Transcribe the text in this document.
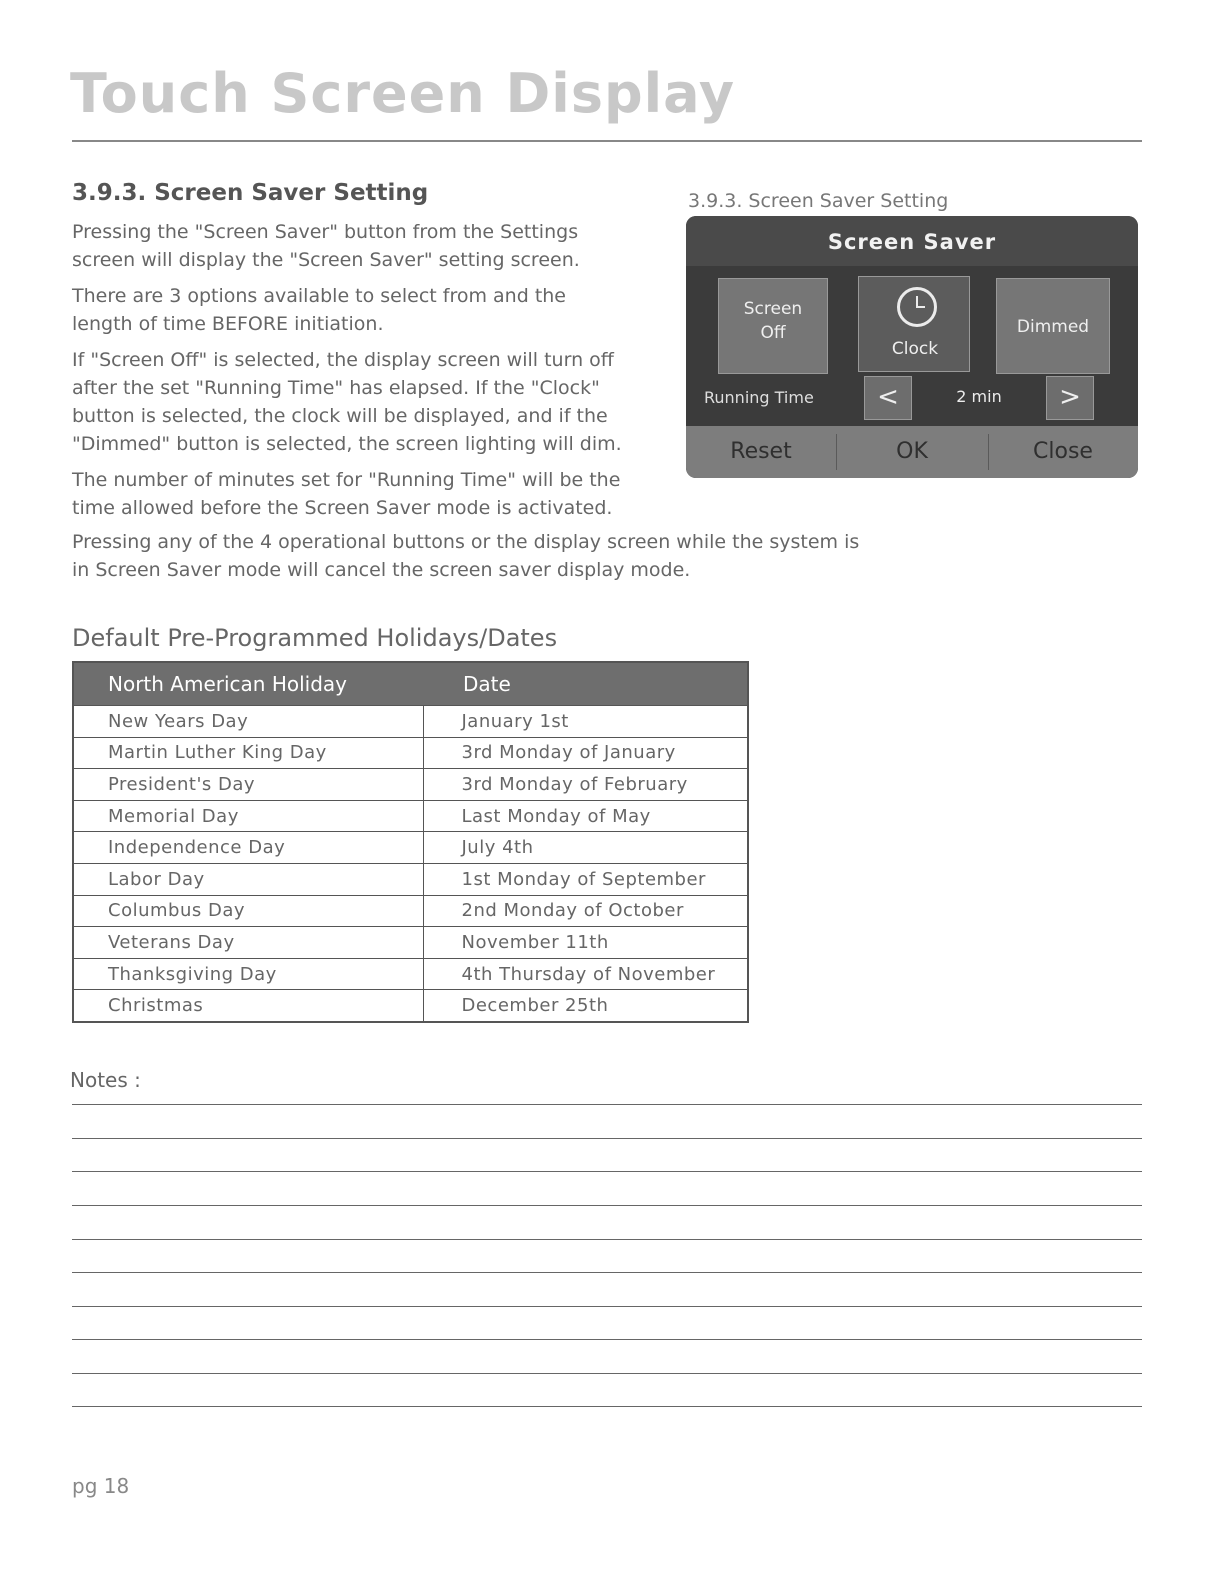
Touch Screen Display
3.9.3. Screen Saver Setting
Pressing the "Screen Saver" button from the Settings screen will display the "Screen Saver" setting screen.
There are 3 options available to select from and the length of time BEFORE initiation.
If "Screen Off" is selected, the display screen will turn off after the set "Running Time" has elapsed. If the "Clock" button is selected, the clock will be displayed, and if the "Dimmed" button is selected, the screen lighting will dim.
The number of minutes set for "Running Time" will be the time allowed before the Screen Saver mode is activated.
Pressing any of the 4 operational buttons or the display screen while the system is in Screen Saver mode will cancel the screen saver display mode.
3.9.3. Screen Saver Setting
Screen Saver
Screen
Off
Clock
Dimmed
Running Time	<	2 min	>
Reset	OK	Close
Default Pre-Programmed Holidays/Dates
North American Holiday	Date
New Years Day	January 1st
Martin Luther King Day	3rd Monday of January
President's Day	3rd Monday of February
Memorial Day	Last Monday of May
Independence Day	July 4th
Labor Day	1st Monday of September
Columbus Day	2nd Monday of October
Veterans Day	November 11th
Thanksgiving Day	4th Thursday of November
Christmas	December 25th
Notes :
pg 18
